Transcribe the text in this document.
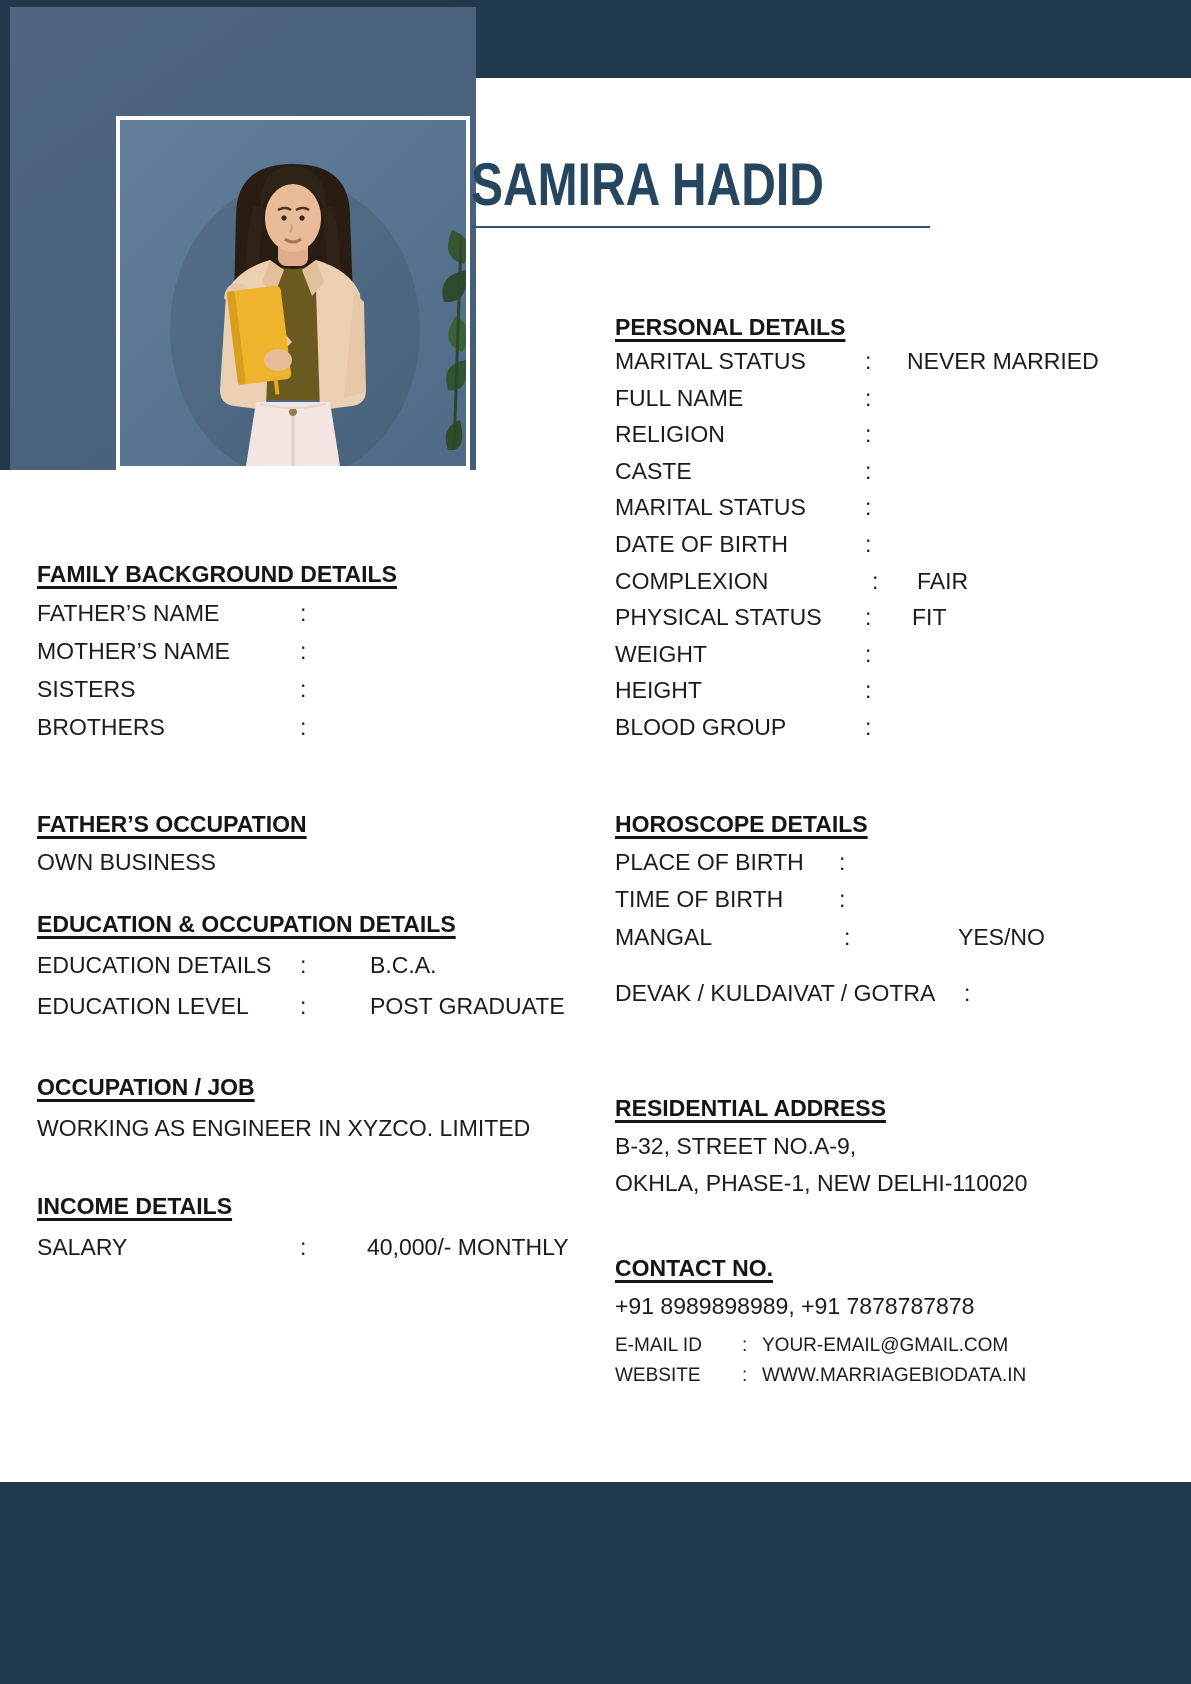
SAMIRA HADID
PERSONAL DETAILS
MARITAL STATUS	:	NEVER MARRIED
FULL NAME	:
RELIGION	:
CASTE	:
MARITAL STATUS	:
DATE OF BIRTH	:
COMPLEXION	:	FAIR
PHYSICAL STATUS	:	FIT
WEIGHT	:
HEIGHT	:
BLOOD GROUP	:
HOROSCOPE DETAILS
PLACE OF BIRTH	:
TIME OF BIRTH	:
MANGAL	:	YES/NO
DEVAK / KULDAIVAT / GOTRA	:
RESIDENTIAL ADDRESS
B-32, STREET NO.A-9,
OKHLA, PHASE-1, NEW DELHI-110020
CONTACT NO.
+91 8989898989, +91 7878787878
E-MAIL ID	: YOUR-EMAIL@GMAIL.COM
WEBSITE	: WWW.MARRIAGEBIODATA.IN
FAMILY BACKGROUND DETAILS
FATHER’S NAME	:
MOTHER’S NAME	:
SISTERS	:
BROTHERS	:
FATHER’S OCCUPATION
OWN BUSINESS
EDUCATION & OCCUPATION DETAILS
EDUCATION DETAILS	:	B.C.A.
EDUCATION LEVEL	:	POST GRADUATE
OCCUPATION / JOB
WORKING AS ENGINEER IN XYZCO. LIMITED
INCOME DETAILS
SALARY	:	40,000/- MONTHLY
